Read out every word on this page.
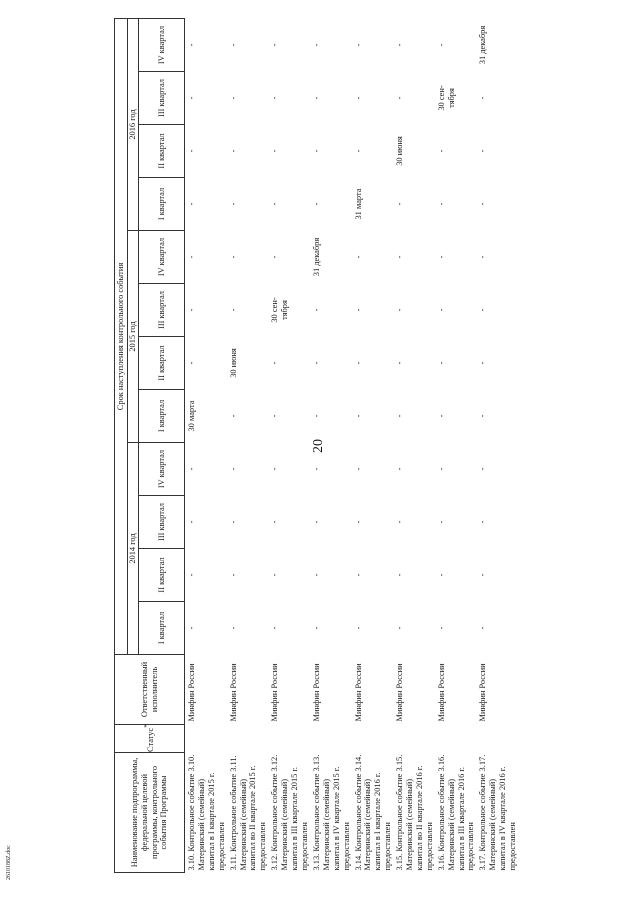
20
2610188Z.doc	Наименование подпрограммы, федеральной целевой программы, контрольного события Программы	Статус*	Ответственный исполнитель	Срок наступления контрольного события											
			2014 год				2015 год				2016 год			
			I квартал	II квартал	III квартал	IV квартал	I квартал	II квартал	III квартал	IV квартал	I квартал	II квартал	III квартал	IV квартал
3.10. Контрольное событие 3.10. Материнский (семейный) капитал в I квартале 2015 г. предоставлен		Минфин России	-	-	-	-	30 марта	-	-	-	-	-	-	-
3.11. Контрольное событие 3.11. Материнский (семейный) капитал во II квартале 2015 г. предоставлен		Минфин России	-	-	-	-	-	30 июня	-	-	-	-	-	-
3.12. Контрольное событие 3.12. Материнский (семейный) капитал в III квартале 2015 г. предоставлен		Минфин России	-	-	-	-	-	-	30 сен- тября	-	-	-	-	-
3.13. Контрольное событие 3.13. Материнский (семейный) капитал в IV квартале 2015 г. предоставлен		Минфин России	-	-	-	-	-	-	-	31 декабря	-	-	-	-
3.14. Контрольное событие 3.14. Материнский (семейный) капитал в I квартале 2016 г. предоставлен		Минфин России	-	-	-	-	-	-	-	-	31 марта	-	-	-
3.15. Контрольное событие 3.15. Материнский (семейный) капитал во II квартале 2016 г. предоставлен		Минфин России	-	-	-	-	-	-	-	-	-	30 июня	-	-
3.16. Контрольное событие 3.16. Материнский (семейный) капитал в III квартале 2016 г. предоставлен		Минфин России	-	-	-	-	-	-	-	-	-	-	30 сен- тября	-
3.17. Контрольное событие 3.17. Материнский (семейный) капитал в IV квартале 2016 г. предоставлен		Минфин России	-	-	-	-	-	-	-	-	-	-	-	31 декабря
